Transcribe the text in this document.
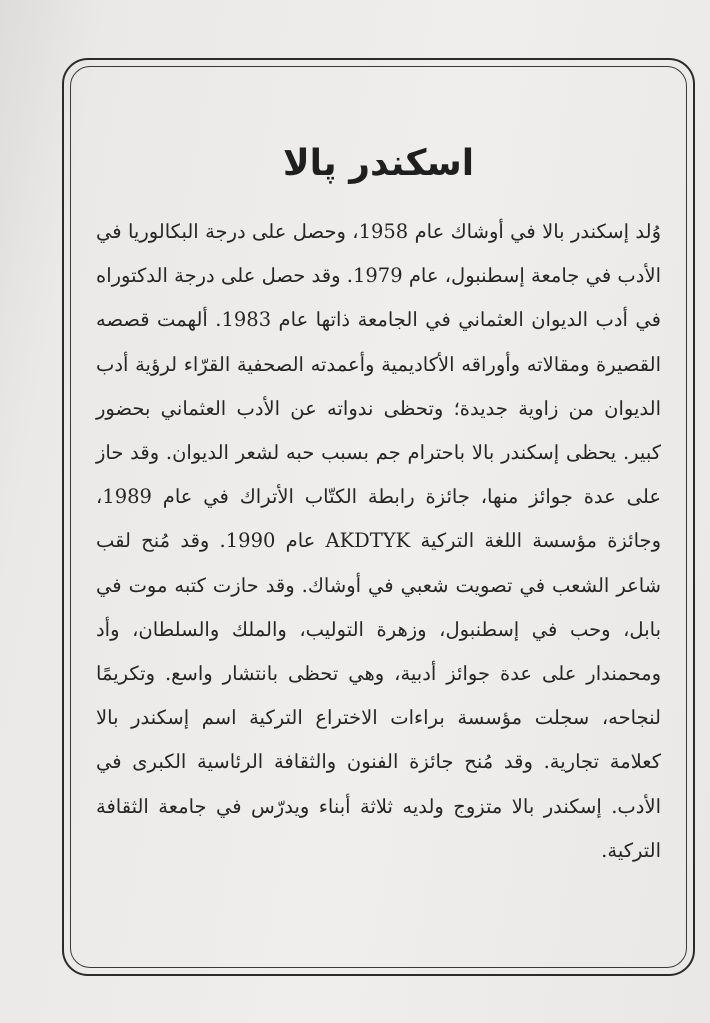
اسكندر پالا

وُلد إسكندر بالا في أوشاك عام 1958، وحصل على درجة البكالوريا في الأدب في جامعة إسطنبول، عام 1979. وقد حصل على درجة الدكتوراه في أدب الديوان العثماني في الجامعة ذاتها عام 1983. ألهمت قصصه القصيرة ومقالاته وأوراقه الأكاديمية وأعمدته الصحفية القرّاء لرؤية أدب الديوان من زاوية جديدة؛ وتحظى ندواته عن الأدب العثماني بحضور كبير. يحظى إسكندر بالا باحترام جم بسبب حبه لشعر الديوان. وقد حاز على عدة جوائز منها، جائزة رابطة الكتّاب الأتراك في عام 1989، وجائزة مؤسسة اللغة التركية AKDTYK عام 1990. وقد مُنح لقب شاعر الشعب في تصويت شعبي في أوشاك. وقد حازت كتبه موت في بابل، وحب في إسطنبول، وزهرة التوليب، والملك والسلطان، وأد ومحمندار على عدة جوائز أدبية، وهي تحظى بانتشار واسع. وتكريمًا لنجاحه، سجلت مؤسسة براءات الاختراع التركية اسم إسكندر بالا كعلامة تجارية. وقد مُنح جائزة الفنون والثقافة الرئاسية الكبرى في الأدب. إسكندر بالا متزوج ولديه ثلاثة أبناء ويدرّس في جامعة الثقافة التركية.
